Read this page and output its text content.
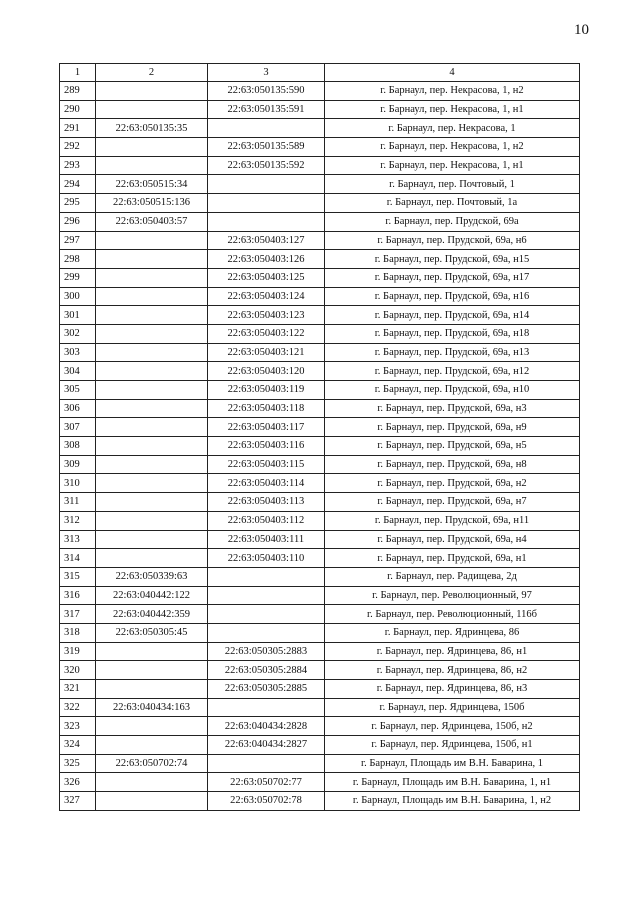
10
1	2	3	4
289		22:63:050135:590	г. Барнаул, пер. Некрасова, 1, н2
290		22:63:050135:591	г. Барнаул, пер. Некрасова, 1, н1
291	22:63:050135:35		г. Барнаул, пер. Некрасова, 1
292		22:63:050135:589	г. Барнаул, пер. Некрасова, 1, н2
293		22:63:050135:592	г. Барнаул, пер. Некрасова, 1, н1
294	22:63:050515:34		г. Барнаул, пер. Почтовый, 1
295	22:63:050515:136		г. Барнаул, пер. Почтовый, 1а
296	22:63:050403:57		г. Барнаул, пер. Прудской, 69а
297		22:63:050403:127	г. Барнаул, пер. Прудской, 69а, н6
298		22:63:050403:126	г. Барнаул, пер. Прудской, 69а, н15
299		22:63:050403:125	г. Барнаул, пер. Прудской, 69а, н17
300		22:63:050403:124	г. Барнаул, пер. Прудской, 69а, н16
301		22:63:050403:123	г. Барнаул, пер. Прудской, 69а, н14
302		22:63:050403:122	г. Барнаул, пер. Прудской, 69а, н18
303		22:63:050403:121	г. Барнаул, пер. Прудской, 69а, н13
304		22:63:050403:120	г. Барнаул, пер. Прудской, 69а, н12
305		22:63:050403:119	г. Барнаул, пер. Прудской, 69а, н10
306		22:63:050403:118	г. Барнаул, пер. Прудской, 69а, н3
307		22:63:050403:117	г. Барнаул, пер. Прудской, 69а, н9
308		22:63:050403:116	г. Барнаул, пер. Прудской, 69а, н5
309		22:63:050403:115	г. Барнаул, пер. Прудской, 69а, н8
310		22:63:050403:114	г. Барнаул, пер. Прудской, 69а, н2
311		22:63:050403:113	г. Барнаул, пер. Прудской, 69а, н7
312		22:63:050403:112	г. Барнаул, пер. Прудской, 69а, н11
313		22:63:050403:111	г. Барнаул, пер. Прудской, 69а, н4
314		22:63:050403:110	г. Барнаул, пер. Прудской, 69а, н1
315	22:63:050339:63		г. Барнаул, пер. Радищева, 2д
316	22:63:040442:122		г. Барнаул, пер. Революционный, 97
317	22:63:040442:359		г. Барнаул, пер. Революционный, 116б
318	22:63:050305:45		г. Барнаул, пер. Ядринцева, 86
319		22:63:050305:2883	г. Барнаул, пер. Ядринцева, 86, н1
320		22:63:050305:2884	г. Барнаул, пер. Ядринцева, 86, н2
321		22:63:050305:2885	г. Барнаул, пер. Ядринцева, 86, н3
322	22:63:040434:163		г. Барнаул, пер. Ядринцева, 150б
323		22:63:040434:2828	г. Барнаул, пер. Ядринцева, 150б, н2
324		22:63:040434:2827	г. Барнаул, пер. Ядринцева, 150б, н1
325	22:63:050702:74		г. Барнаул, Площадь им В.Н. Баварина, 1
326		22:63:050702:77	г. Барнаул, Площадь им В.Н. Баварина, 1, н1
327		22:63:050702:78	г. Барнаул, Площадь им В.Н. Баварина, 1, н2
